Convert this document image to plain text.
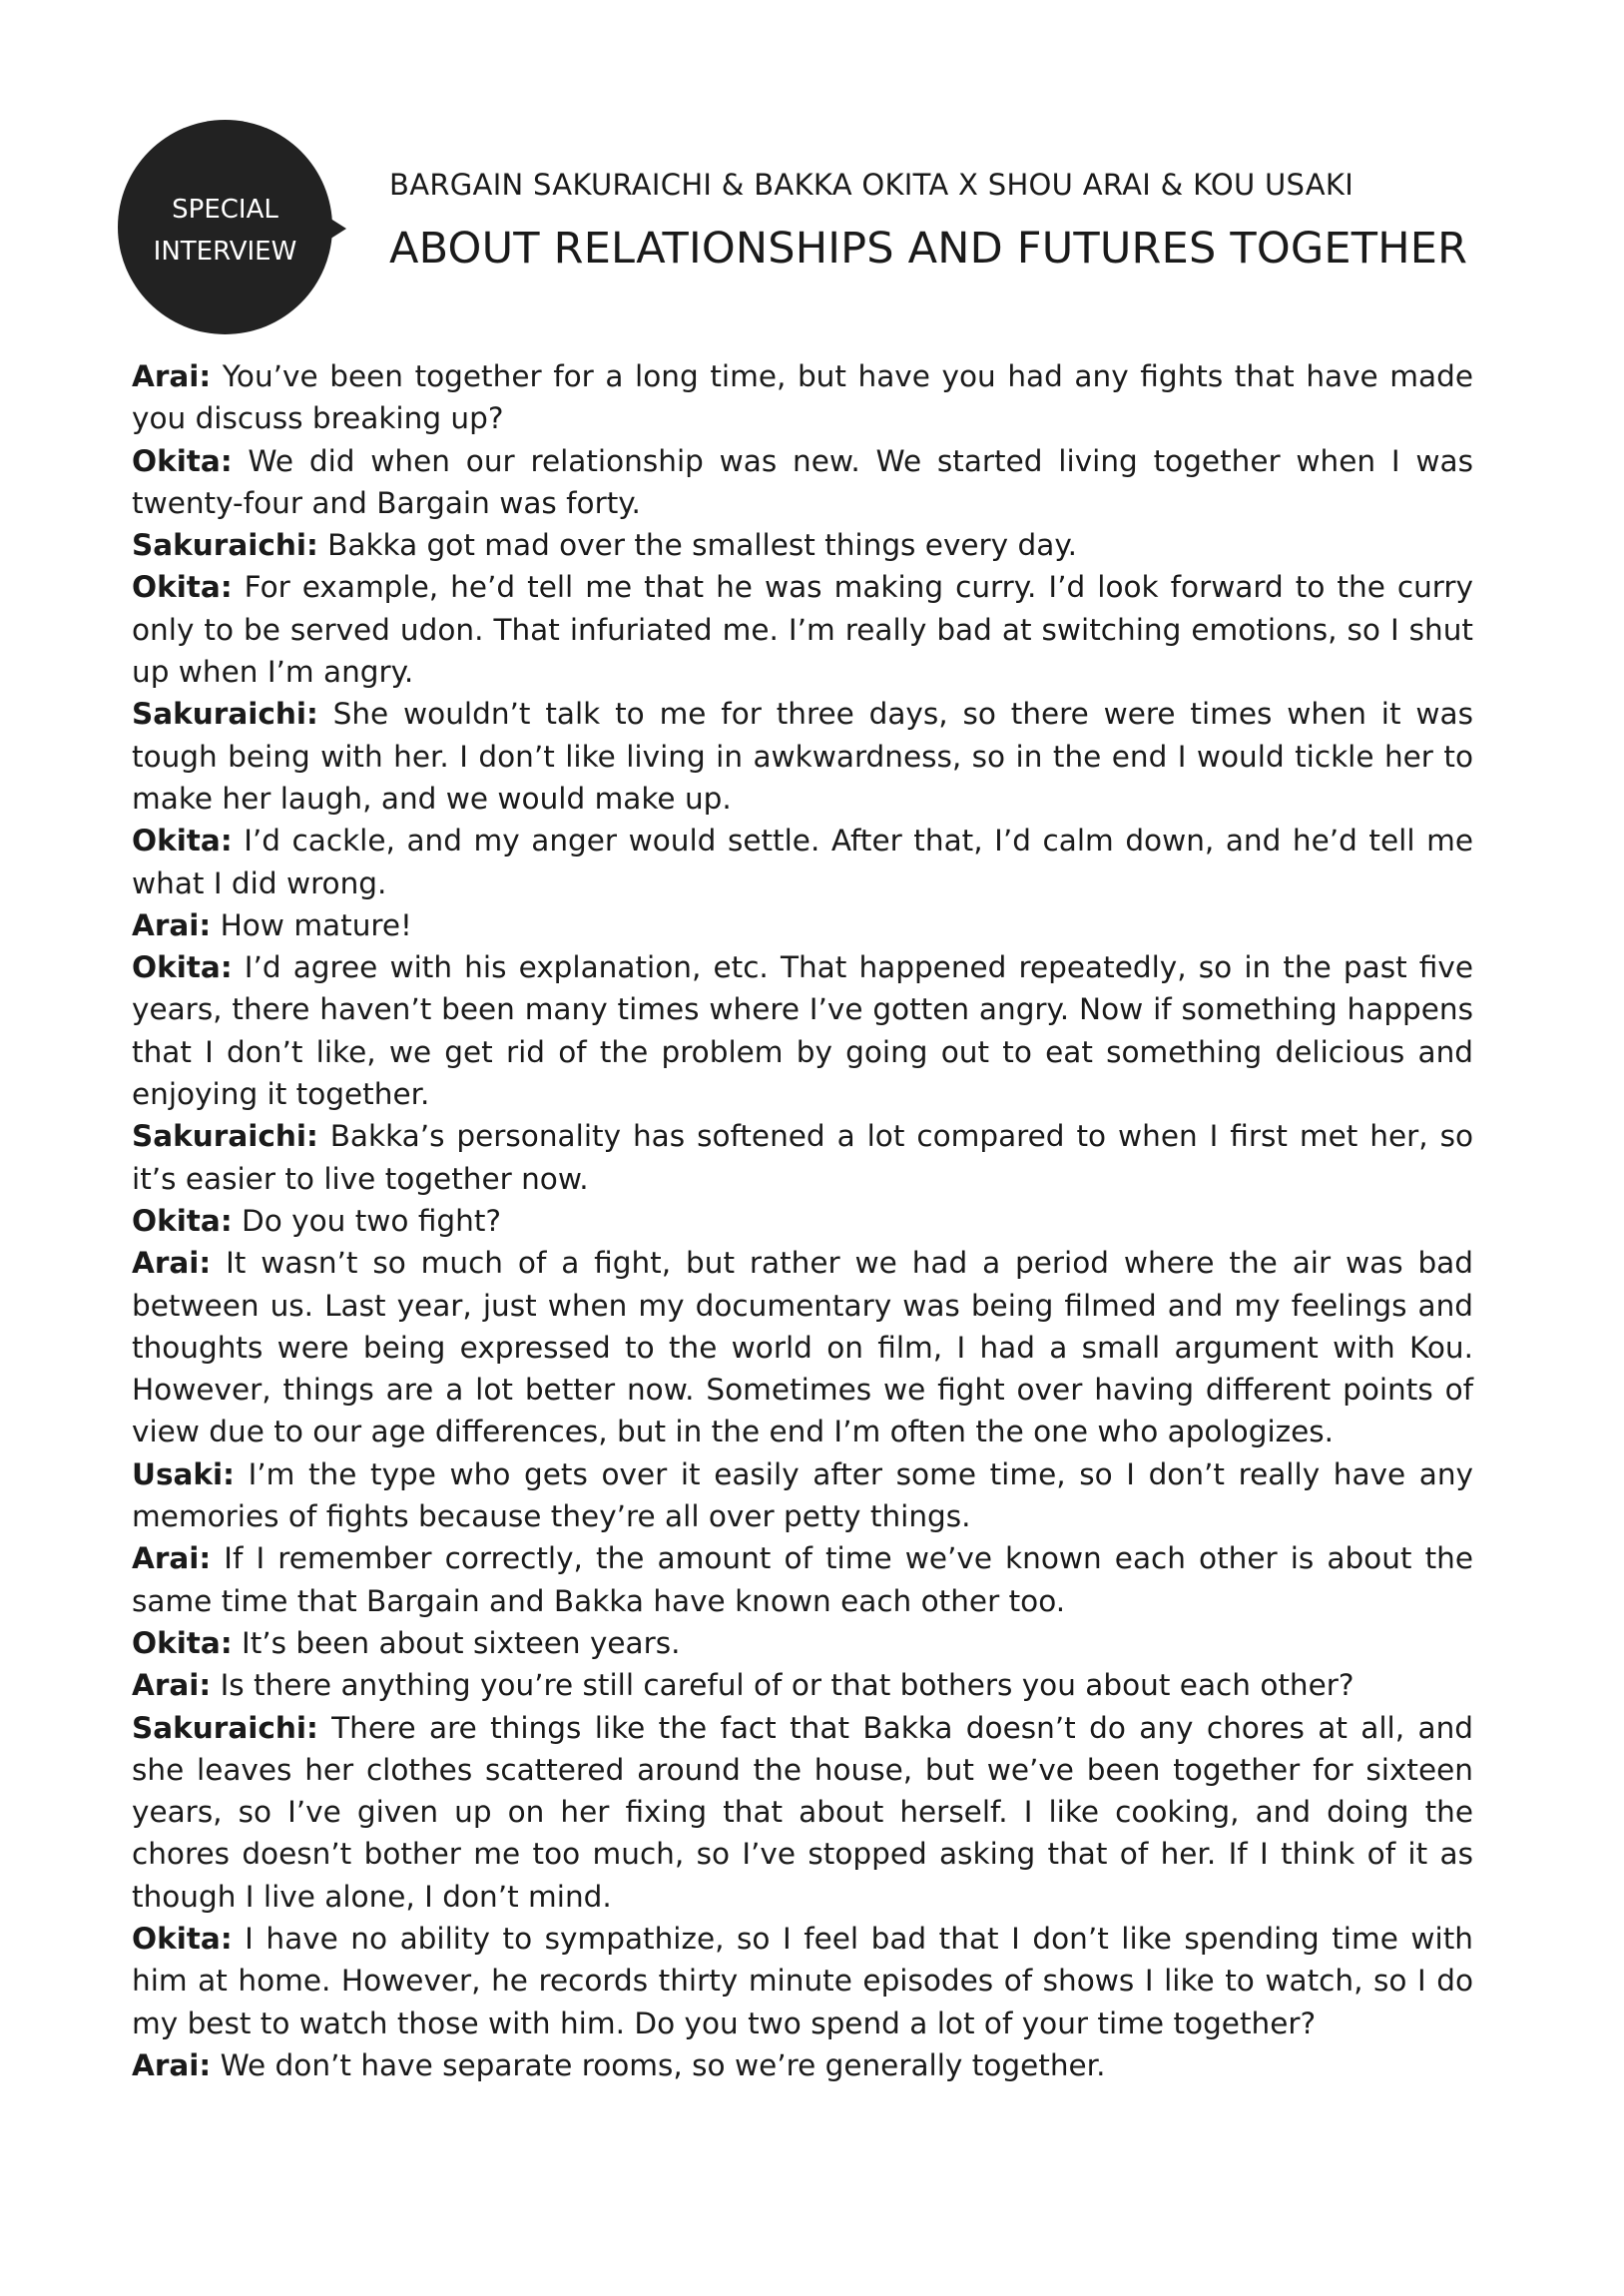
SPECIAL
INTERVIEW
BARGAIN SAKURAICHI & BAKKA OKITA X SHOU ARAI & KOU USAKI
ABOUT RELATIONSHIPS AND FUTURES TOGETHER

Arai: You’ve been together for a long time, but have you had any fights that have made you discuss breaking up?

Okita: We did when our relationship was new. We started living together when I was twenty-four and Bargain was forty.

Sakuraichi: Bakka got mad over the smallest things every day.

Okita: For example, he’d tell me that he was making curry. I’d look forward to the curry only to be served udon. That infuriated me. I’m really bad at switching emotions, so I shut up when I’m angry.

Sakuraichi: She wouldn’t talk to me for three days, so there were times when it was tough being with her. I don’t like living in awkwardness, so in the end I would tickle her to make her laugh, and we would make up.

Okita: I’d cackle, and my anger would settle. After that, I’d calm down, and he’d tell me what I did wrong.

Arai: How mature!

Okita: I’d agree with his explanation, etc. That happened repeatedly, so in the past five years, there haven’t been many times where I’ve gotten angry. Now if something happens that I don’t like, we get rid of the problem by going out to eat something delicious and enjoying it together.

Sakuraichi: Bakka’s personality has softened a lot compared to when I first met her, so it’s easier to live together now.

Okita: Do you two fight?

Arai: It wasn’t so much of a fight, but rather we had a period where the air was bad between us. Last year, just when my documentary was being filmed and my feelings and thoughts were being expressed to the world on film, I had a small argument with Kou. However, things are a lot better now. Sometimes we fight over having different points of view due to our age differences, but in the end I’m often the one who apologizes.

Usaki: I’m the type who gets over it easily after some time, so I don’t really have any memories of fights because they’re all over petty things.

Arai: If I remember correctly, the amount of time we’ve known each other is about the same time that Bargain and Bakka have known each other too.

Okita: It’s been about sixteen years.

Arai: Is there anything you’re still careful of or that bothers you about each other?

Sakuraichi: There are things like the fact that Bakka doesn’t do any chores at all, and she leaves her clothes scattered around the house, but we’ve been together for sixteen years, so I’ve given up on her fixing that about herself. I like cooking, and doing the chores doesn’t bother me too much, so I’ve stopped asking that of her. If I think of it as though I live alone, I don’t mind.

Okita: I have no ability to sympathize, so I feel bad that I don’t like spending time with him at home. However, he records thirty minute episodes of shows I like to watch, so I do my best to watch those with him. Do you two spend a lot of your time together?

Arai: We don’t have separate rooms, so we’re generally together.
